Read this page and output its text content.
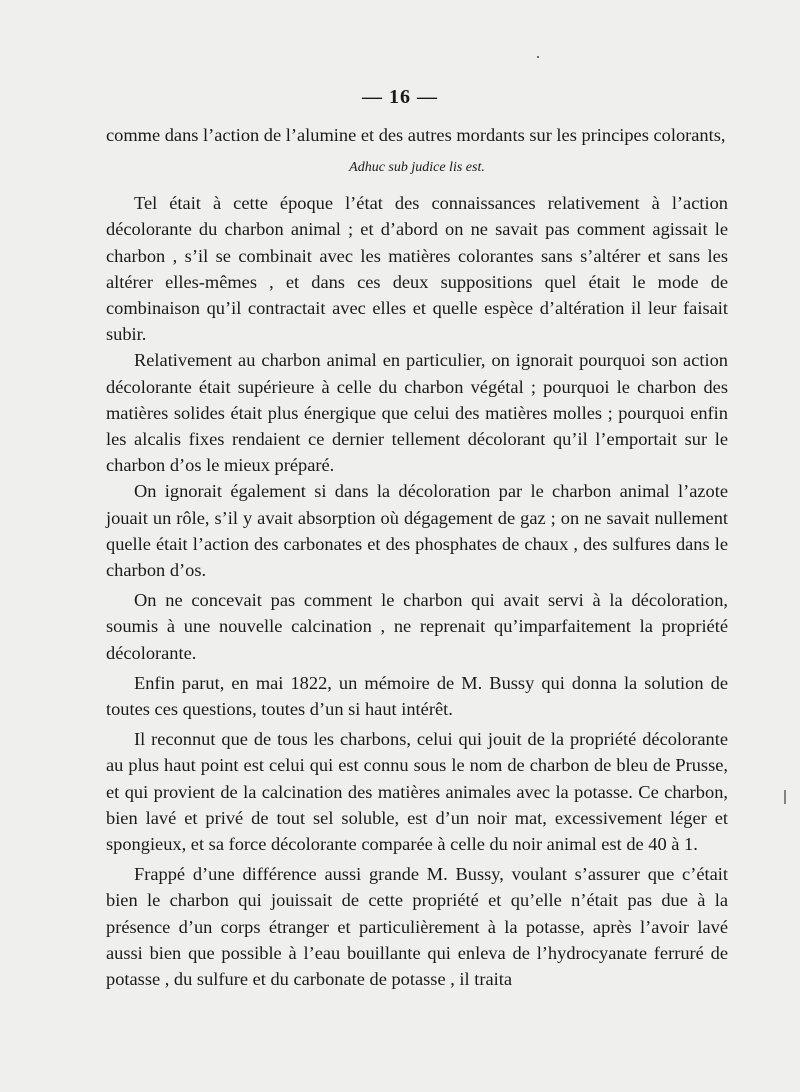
— 16 —

comme dans l’action de l’alumine et des autres mordants sur les principes colorants,

Adhuc sub judice lis est.

Tel était à cette époque l’état des connaissances relativement à l’action décolorante du charbon animal ; et d’abord on ne savait pas comment agissait le charbon , s’il se combinait avec les matières colorantes sans s’altérer et sans les altérer elles-mêmes , et dans ces deux suppositions quel était le mode de combinaison qu’il contractait avec elles et quelle espèce d’altération il leur faisait subir.

Relativement au charbon animal en particulier, on ignorait pourquoi son action décolorante était supérieure à celle du charbon végétal ; pourquoi le charbon des matières solides était plus énergique que celui des matières molles ; pourquoi enfin les alcalis fixes rendaient ce dernier tellement décolorant qu’il l’emportait sur le charbon d’os le mieux préparé.

On ignorait également si dans la décoloration par le charbon animal l’azote jouait un rôle, s’il y avait absorption où dégagement de gaz ; on ne savait nullement quelle était l’action des carbonates et des phosphates de chaux , des sulfures dans le charbon d’os.

On ne concevait pas comment le charbon qui avait servi à la décoloration, soumis à une nouvelle calcination , ne reprenait qu’imparfaitement la propriété décolorante.

Enfin parut, en mai 1822, un mémoire de M. Bussy qui donna la solution de toutes ces questions, toutes d’un si haut intérêt.

Il reconnut que de tous les charbons, celui qui jouit de la propriété décolorante au plus haut point est celui qui est connu sous le nom de charbon de bleu de Prusse, et qui provient de la calcination des matières animales avec la potasse. Ce charbon, bien lavé et privé de tout sel soluble, est d’un noir mat, excessivement léger et spongieux, et sa force décolorante comparée à celle du noir animal est de 40 à 1.

Frappé d’une différence aussi grande M. Bussy, voulant s’assurer que c’était bien le charbon qui jouissait de cette propriété et qu’elle n’était pas due à la présence d’un corps étranger et particulièrement à la potasse, après l’avoir lavé aussi bien que possible à l’eau bouillante qui enleva de l’hydrocyanate ferruré de potasse , du sulfure et du carbonate de potasse , il traita
